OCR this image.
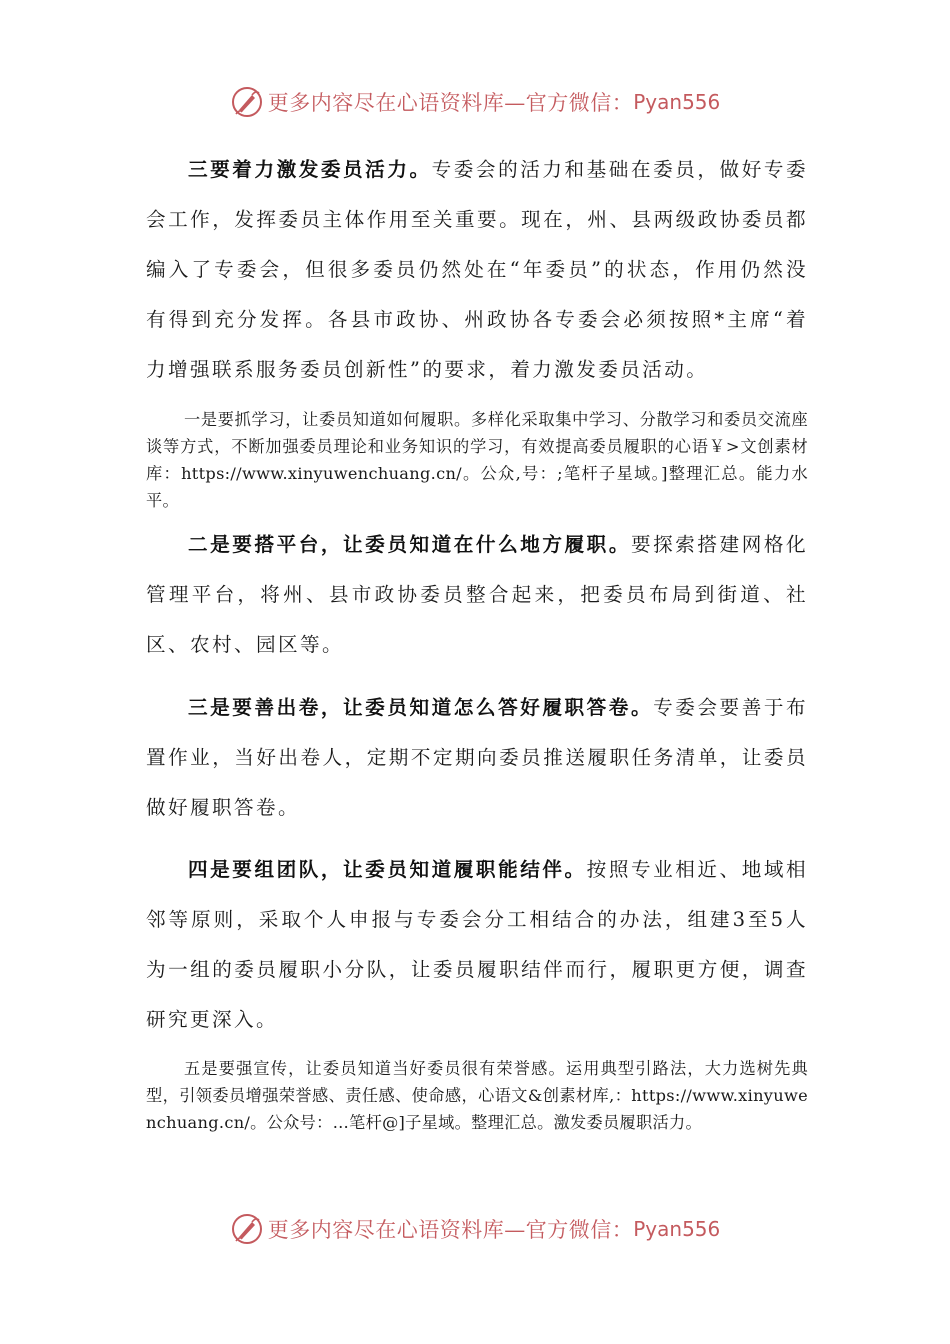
更多内容尽在心语资料库—官方微信： Pyan556

三要着力激发委员活力。专委会的活力和基础在委员，做好专委会工作，发挥委员主体作用至关重要。现在，州、县两级政协委员都编入了专委会，但很多委员仍然处在“年委员”的状态，作用仍然没有得到充分发挥。各县市政协、州政协各专委会必须按照*主席“着力增强联系服务委员创新性”的要求，着力激发委员活动。

一是要抓学习，让委员知道如何履职。多样化采取集中学习、分散学习和委员交流座谈等方式，不断加强委员理论和业务知识的学习，有效提高委员履职的心语￥>文创素材库：https://www.xinyuwenchuang.cn/。公众,号：;笔杆子星域。]整理汇总。能力水平。

二是要搭平台，让委员知道在什么地方履职。要探索搭建网格化管理平台，将州、县市政协委员整合起来，把委员布局到街道、社区、农村、园区等。

三是要善出卷，让委员知道怎么答好履职答卷。专委会要善于布置作业，当好出卷人，定期不定期向委员推送履职任务清单，让委员做好履职答卷。

四是要组团队，让委员知道履职能结伴。按照专业相近、地域相邻等原则，采取个人申报与专委会分工相结合的办法，组建3至5人为一组的委员履职小分队，让委员履职结伴而行，履职更方便，调查研究更深入。

五是要强宣传，让委员知道当好委员很有荣誉感。运用典型引路法，大力选树先典型，引领委员增强荣誉感、责任感、使命感，心语文&创素材库,：https://www.xinyuwenchuang.cn/。公众号：…笔杆@]子星域。整理汇总。激发委员履职活力。

更多内容尽在心语资料库—官方微信： Pyan556
